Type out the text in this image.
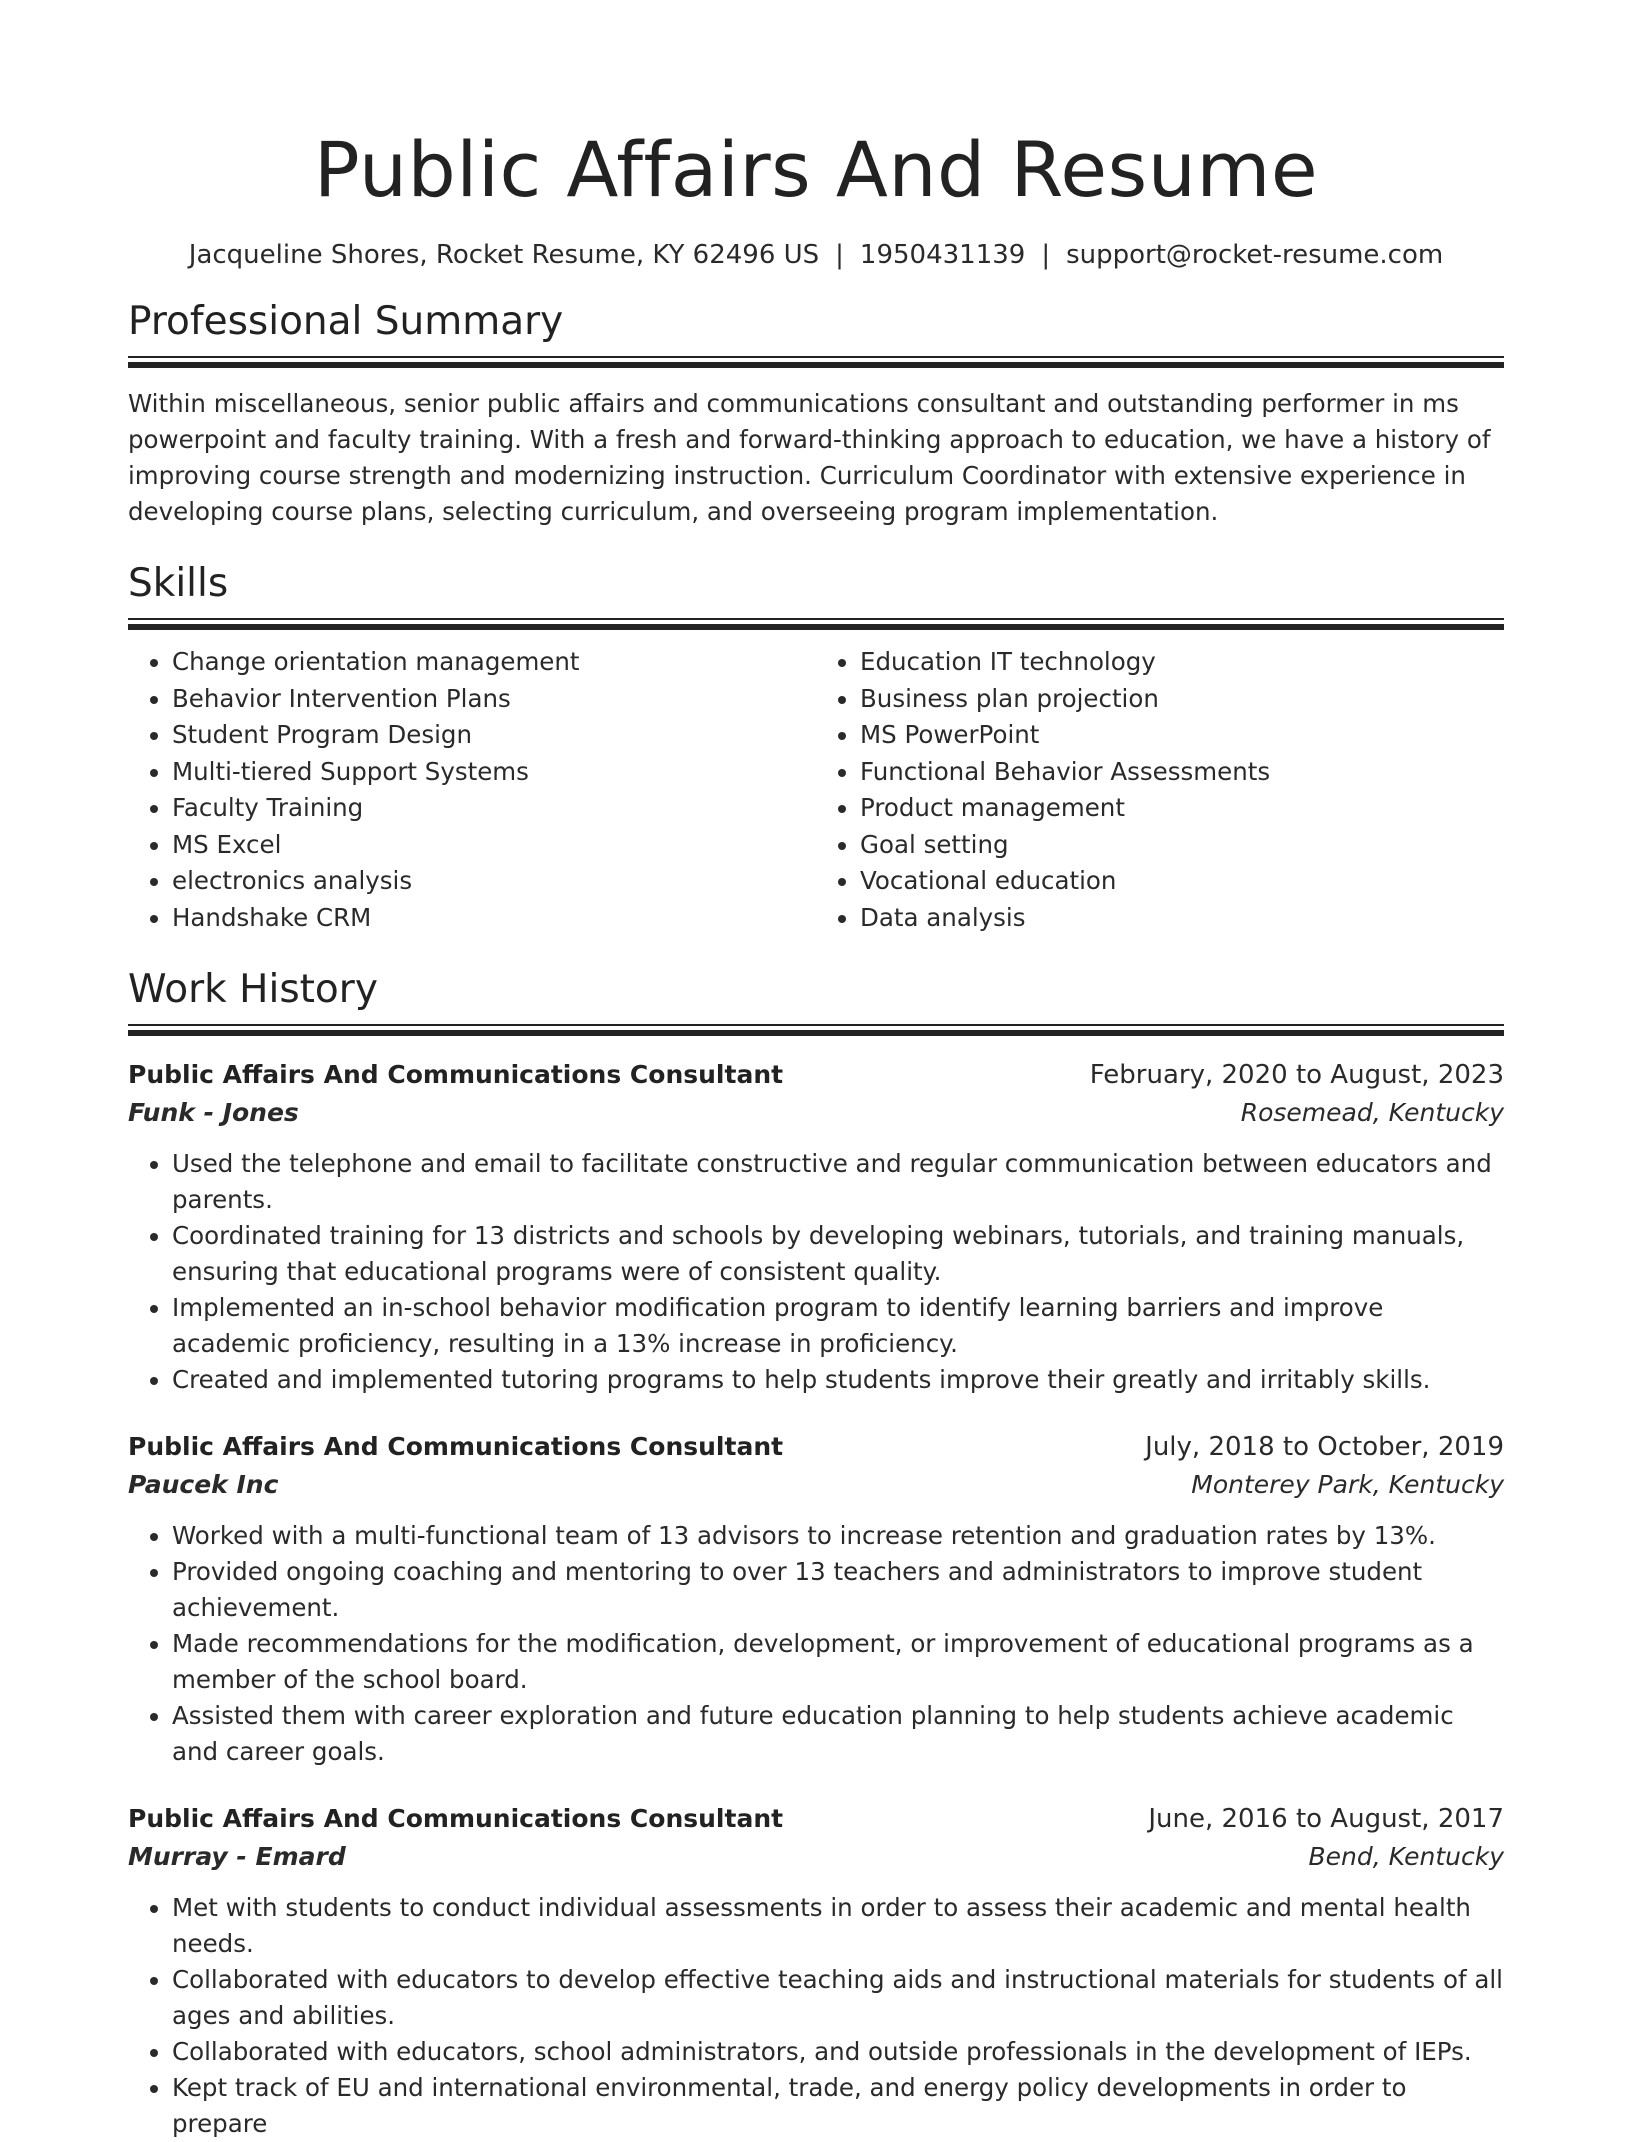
Public Affairs And Resume
Jacqueline Shores, Rocket Resume, KY 62496 US | 1950431139 | support@rocket-resume.com
Professional Summary

Within miscellaneous, senior public affairs and communications consultant and outstanding performer in ms powerpoint and faculty training. With a fresh and forward-thinking approach to education, we have a history of improving course strength and modernizing instruction. Curriculum Coordinator with extensive experience in developing course plans, selecting curriculum, and overseeing program implementation.

Skills
• Change orientation management
• Behavior Intervention Plans
• Student Program Design
• Multi-tiered Support Systems
• Faculty Training
• MS Excel
• electronics analysis
• Handshake CRM
• Education IT technology
• Business plan projection
• MS PowerPoint
• Functional Behavior Assessments
• Product management
• Goal setting
• Vocational education
• Data analysis
Work History
Public Affairs And Communications Consultant	February, 2020 to August, 2023
Funk - Jones	Rosemead, Kentucky
• Used the telephone and email to facilitate constructive and regular communication between educators and parents.
• Coordinated training for 13 districts and schools by developing webinars, tutorials, and training manuals, ensuring that educational programs were of consistent quality.
• Implemented an in-school behavior modification program to identify learning barriers and improve academic proficiency, resulting in a 13% increase in proficiency.
• Created and implemented tutoring programs to help students improve their greatly and irritably skills.
Public Affairs And Communications Consultant	July, 2018 to October, 2019
Paucek Inc	Monterey Park, Kentucky
• Worked with a multi-functional team of 13 advisors to increase retention and graduation rates by 13%.
• Provided ongoing coaching and mentoring to over 13 teachers and administrators to improve student achievement.
• Made recommendations for the modification, development, or improvement of educational programs as a member of the school board.
• Assisted them with career exploration and future education planning to help students achieve academic and career goals.
Public Affairs And Communications Consultant	June, 2016 to August, 2017
Murray - Emard	Bend, Kentucky
• Met with students to conduct individual assessments in order to assess their academic and mental health needs.
• Collaborated with educators to develop effective teaching aids and instructional materials for students of all ages and abilities.
• Collaborated with educators, school administrators, and outside professionals in the development of IEPs.
• Kept track of EU and international environmental, trade, and energy policy developments in order to prepare
